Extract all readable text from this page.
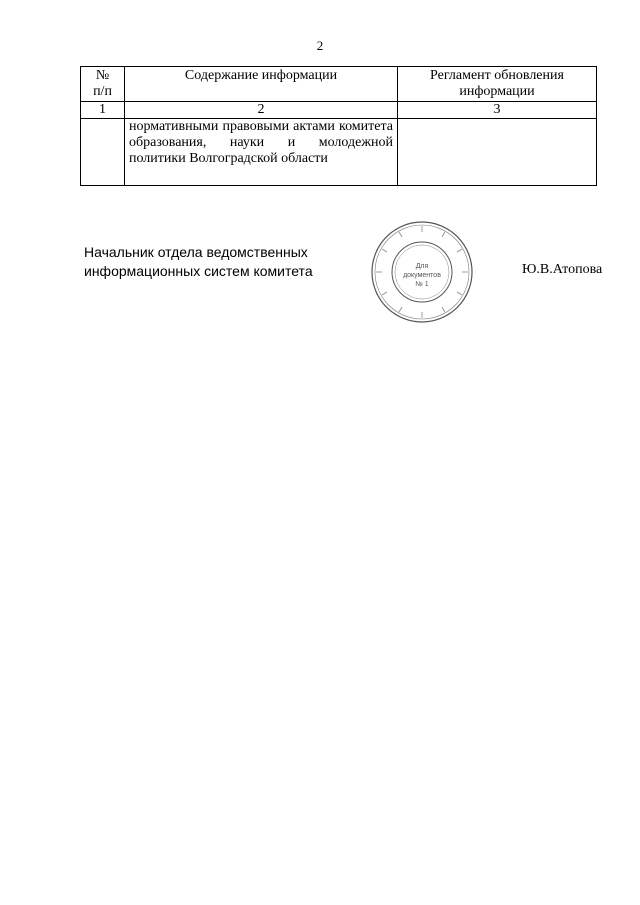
2
№
п/п	Содержание информации	Регламент обновления информации
1	2	3
	нормативными правовыми актами комитета образования, науки и молодежной политики Волгоградской области	
Начальник отдела ведомственных
информационных систем комитета	Для
документов
№ 1
Ю.В.Атопова
